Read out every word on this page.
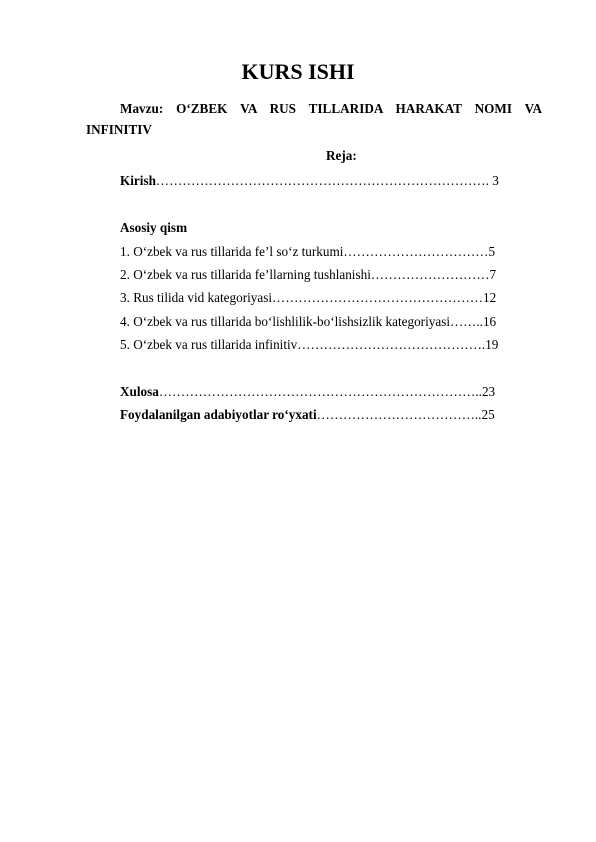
KURS ISHI
Mavzu: O‘ZBEK VA RUS TILLARIDA HARAKAT NOMI VA INFINITIV
Reja:
Kirish…………………………………………………………………. 3
Asosiy qism
1. O‘zbek va rus tillarida fe’l so‘z turkumi……………………………5
2. O‘zbek va rus tillarida fe’llarning tushlanishi………………………7
3. Rus tilida vid kategoriyasi…………………………………………12
4. O‘zbek va rus tillarida bo‘lishlilik-bo‘lishsizlik kategoriyasi……..16
5. O‘zbek va rus tillarida infinitiv…………………………………….19
Xulosa………………………………………………………………..23
Foydalanilgan adabiyotlar ro‘yxati………………………………..25
